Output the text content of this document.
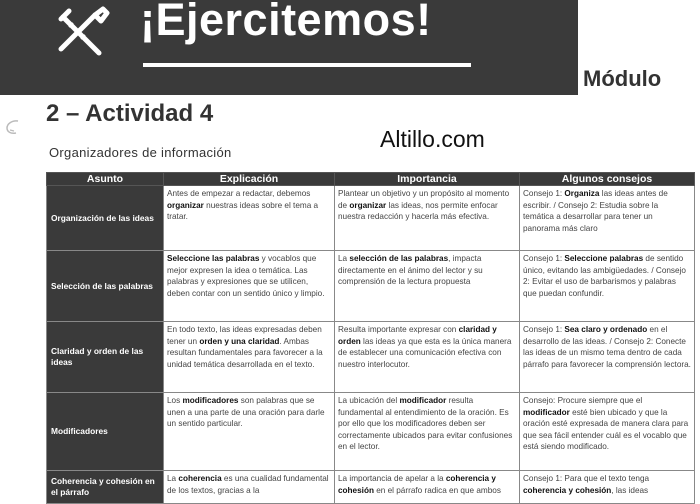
¡Ejercitemos!
Módulo
2 – Actividad 4
Altillo.com
Organizadores de información
Asunto	Explicación	Importancia	Algunos consejos
Organización de las ideas	Antes de empezar a redactar, debemos organizar nuestras ideas sobre el tema a tratar.	Plantear un objetivo y un propósito al momento de organizar las ideas, nos permite enfocar nuestra redacción y hacerla más efectiva.	Consejo 1: Organiza las ideas antes de escribir. / Consejo 2: Estudia sobre la temática a desarrollar para tener un panorama más claro
Selección de las palabras	Seleccione las palabras y vocablos que mejor expresen la idea o temática. Las palabras y expresiones que se utilicen, deben contar con un sentido único y limpio.	La selección de las palabras, impacta directamente en el ánimo del lector y su comprensión de la lectura propuesta	Consejo 1: Seleccione palabras de sentido único, evitando las ambigüedades. / Consejo 2: Evitar el uso de barbarismos y palabras que puedan confundir.
Claridad y orden de las ideas	En todo texto, las ideas expresadas deben tener un orden y una claridad. Ambas resultan fundamentales para favorecer a la unidad temática desarrollada en el texto.	Resulta importante expresar con claridad y orden las ideas ya que esta es la única manera de establecer una comunicación efectiva con nuestro interlocutor.	Consejo 1: Sea claro y ordenado en el desarrollo de las ideas. / Consejo 2: Conecte las ideas de un mismo tema dentro de cada párrafo para favorecer la comprensión lectora.
Modificadores	Los modificadores son palabras que se unen a una parte de una oración para darle un sentido particular.	La ubicación del modificador resulta fundamental al entendimiento de la oración. Es por ello que los modificadores deben ser correctamente ubicados para evitar confusiones en el lector.	Consejo: Procure siempre que el modificador esté bien ubicado y que la oración esté expresada de manera clara para que sea fácil entender cuál es el vocablo que está siendo modificado.
Coherencia y cohesión en el párrafo	La coherencia es una cualidad fundamental de los textos, gracias a la	La importancia de apelar a la coherencia y cohesión en el párrafo radica en que ambos	Consejo 1: Para que el texto tenga coherencia y cohesión, las ideas
